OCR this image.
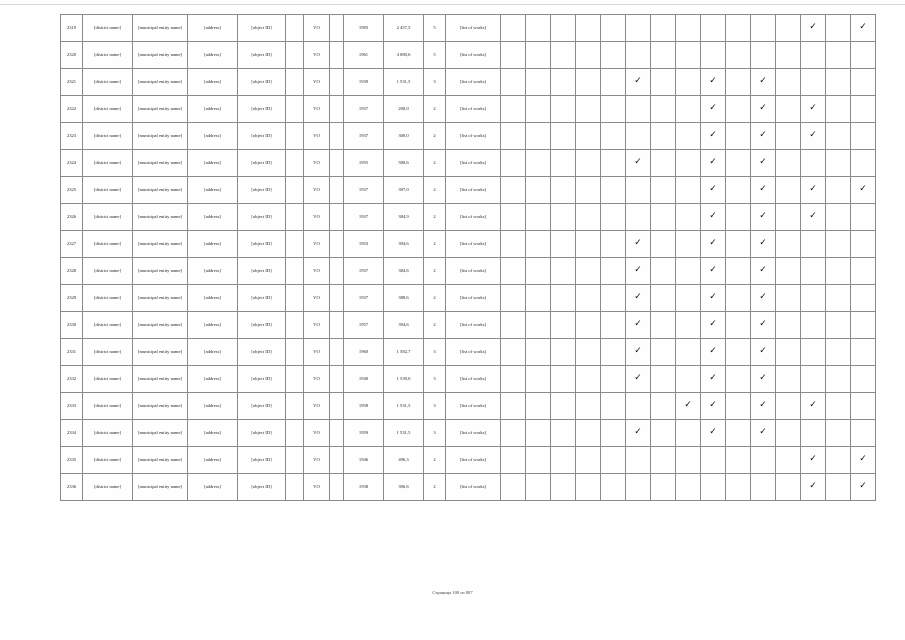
2319	[district name]	[municipal entity name]	[address]	[object ID]		VO		1983	2 457,5	5	[list of works]													✓		✓
2320	[district name]	[municipal entity name]	[address]	[object ID]		VO		1961	4 080,6	5	[list of works]															
2321	[district name]	[municipal entity name]	[address]	[object ID]		VO		1939	1 531,5	3	[list of works]						✓			✓		✓				
2322	[district name]	[municipal entity name]	[address]	[object ID]		VO		1937	200,0	2	[list of works]									✓		✓		✓		
2323	[district name]	[municipal entity name]	[address]	[object ID]		VO		1937	300,0	2	[list of works]									✓		✓		✓		
2324	[district name]	[municipal entity name]	[address]	[object ID]		VO		1955	500,6	2	[list of works]						✓			✓		✓				
2325	[district name]	[municipal entity name]	[address]	[object ID]		VO		1937	397,0	2	[list of works]									✓		✓		✓		✓
2326	[district name]	[municipal entity name]	[address]	[object ID]		VO		1937	384,9	2	[list of works]									✓		✓		✓		
2327	[district name]	[municipal entity name]	[address]	[object ID]		VO		1953	394,6	2	[list of works]						✓			✓		✓				
2328	[district name]	[municipal entity name]	[address]	[object ID]		VO		1937	384,6	2	[list of works]						✓			✓		✓				
2329	[district name]	[municipal entity name]	[address]	[object ID]		VO		1937	388,6	2	[list of works]						✓			✓		✓				
2330	[district name]	[municipal entity name]	[address]	[object ID]		VO		1957	394,6	2	[list of works]						✓			✓		✓				
2331	[district name]	[municipal entity name]	[address]	[object ID]		VO		1960	1 582,7	3	[list of works]						✓			✓		✓				
2332	[district name]	[municipal entity name]	[address]	[object ID]		VO		1940	1 539,0	3	[list of works]						✓			✓		✓				
2333	[district name]	[municipal entity name]	[address]	[object ID]		VO		1958	1 531,5	3	[list of works]								✓	✓		✓		✓		
2334	[district name]	[municipal entity name]	[address]	[object ID]		VO		1959	1 531,5	3	[list of works]						✓			✓		✓				
2335	[district name]	[municipal entity name]	[address]	[object ID]		VO		1946	496,3	2	[list of works]													✓		✓
2336	[district name]	[municipal entity name]	[address]	[object ID]		VO		1938	396,6	2	[list of works]													✓		✓
Страница 100 из 807
